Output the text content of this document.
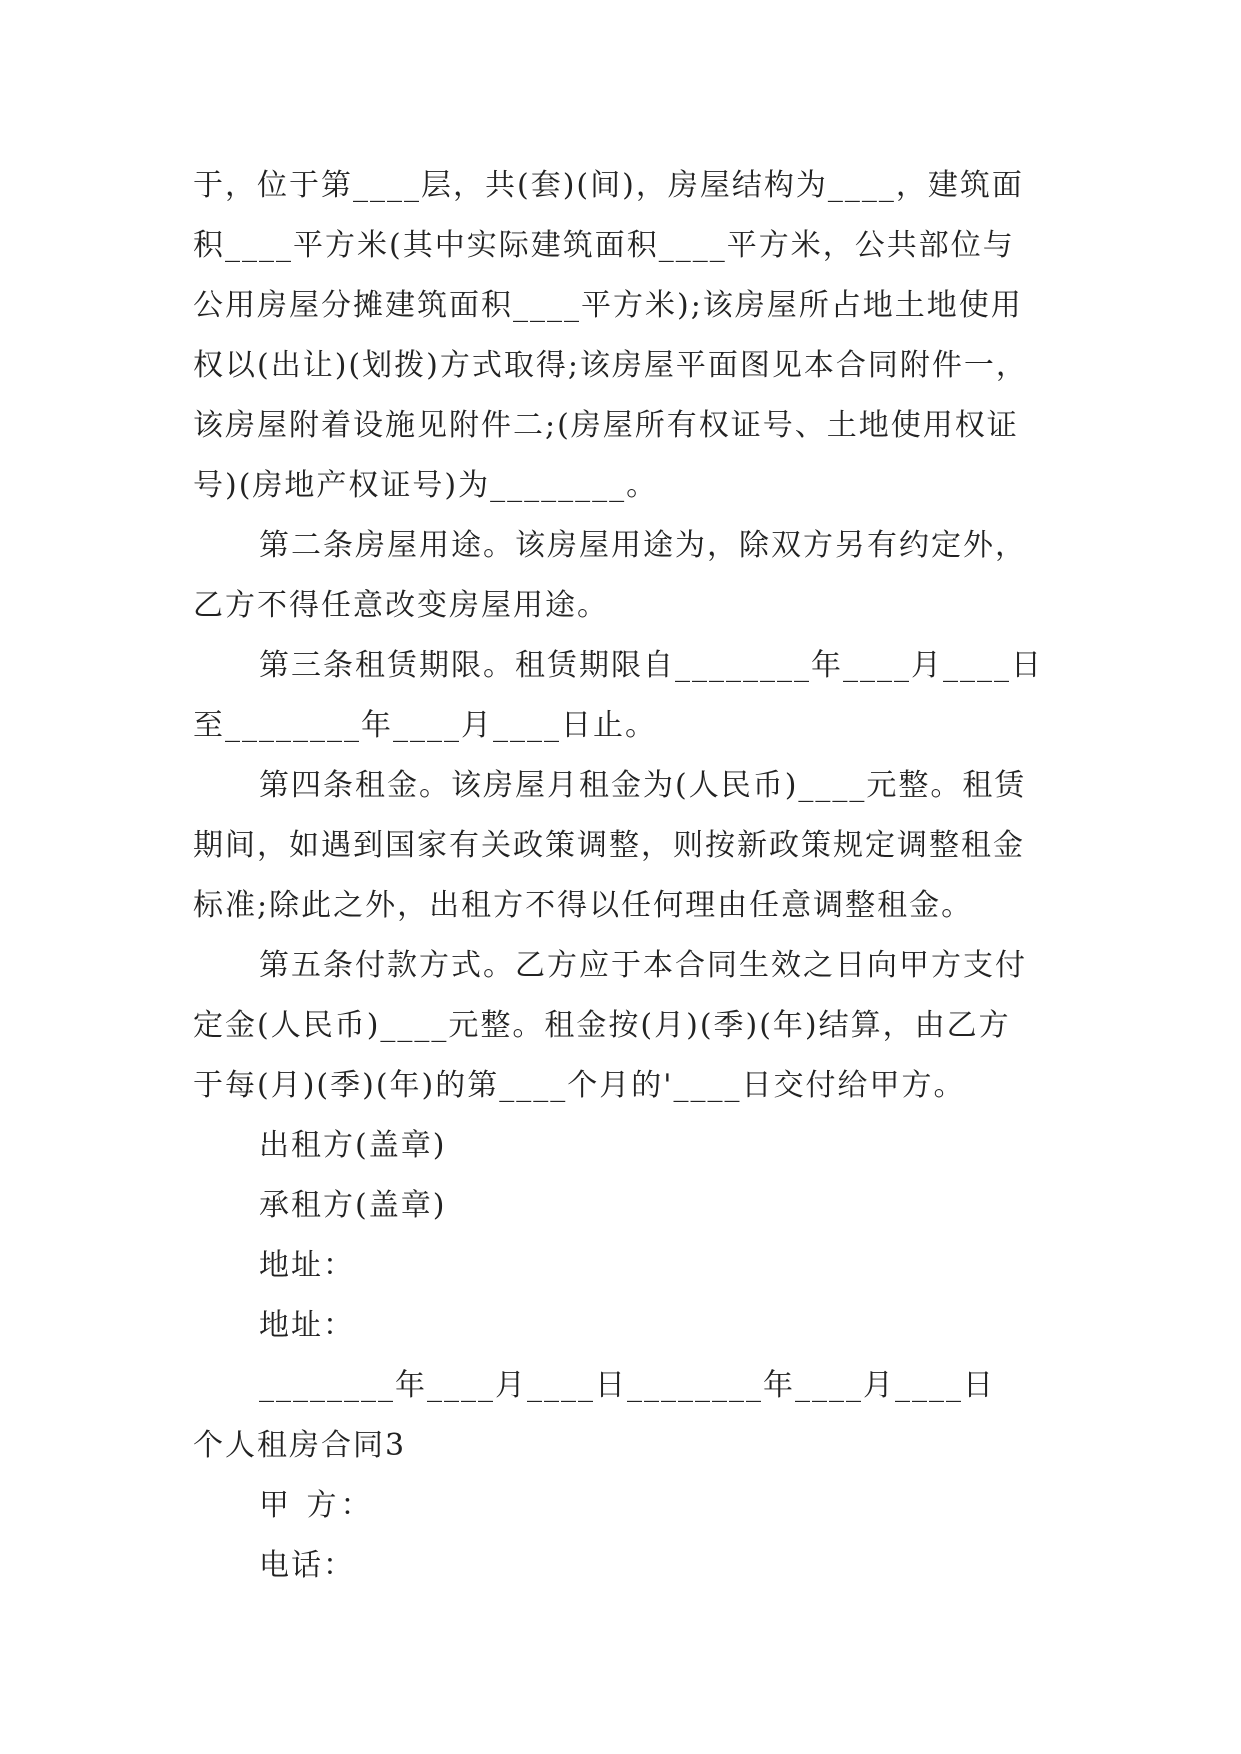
于，位于第____层，共(套)(间)，房屋结构为____，建筑面
积____平方米(其中实际建筑面积____平方米，公共部位与
公用房屋分摊建筑面积____平方米);该房屋所占地土地使用
权以(出让)(划拨)方式取得;该房屋平面图见本合同附件一，
该房屋附着设施见附件二;(房屋所有权证号、土地使用权证
号)(房地产权证号)为________。
第二条房屋用途。该房屋用途为，除双方另有约定外，
乙方不得任意改变房屋用途。
第三条租赁期限。租赁期限自________年____月____日
至________年____月____日止。
第四条租金。该房屋月租金为(人民币)____元整。租赁
期间，如遇到国家有关政策调整，则按新政策规定调整租金
标准;除此之外，出租方不得以任何理由任意调整租金。
第五条付款方式。乙方应于本合同生效之日向甲方支付
定金(人民币)____元整。租金按(月)(季)(年)结算，由乙方
于每(月)(季)(年)的第____个月的'____日交付给甲方。
出租方(盖章)
承租方(盖章)
地址：
地址：
________年____月____日________年____月____日
个人租房合同3
甲 方：
电话：
